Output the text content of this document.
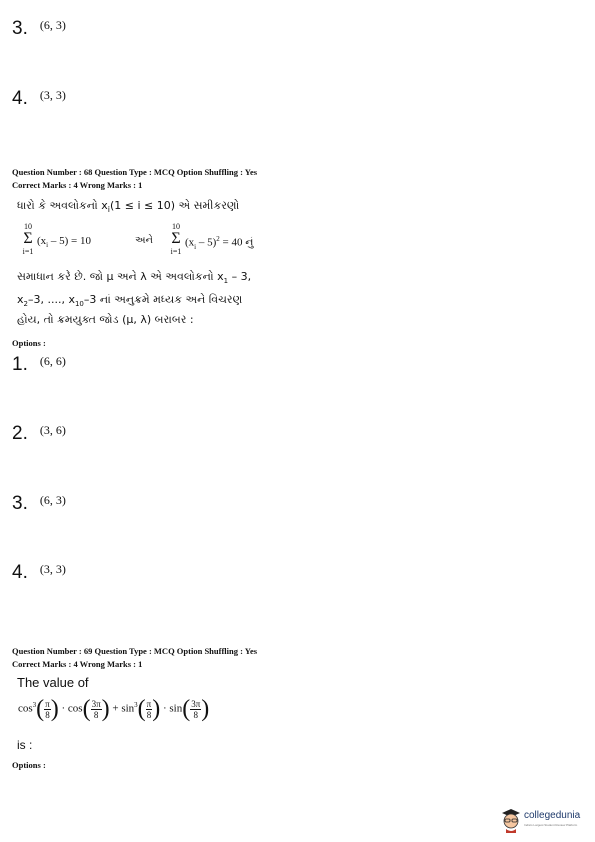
3. $^{(6, 3)}$
4. $^{(3, 3)}$
Question Number : 68 Question Type : MCQ Option Shuffling : Yes
Correct Marks : 4 Wrong Marks : 1
ધારો કે અવલોકનો $x_i(1 \le i \le 10)$ એ સમીકરણો
10
Σ
i=1
$(x_i - 5) = 10$	અને
10
Σ
i=1
$(x_i - 5)^2 = 40$ નું
સમાધાન કરે છે. જો μ અને λ એ અવલોકનો $x_1 - 3$,
$x_2-3$, ...., $x_{10}-3$ નાં અનુક્રમે મધ્યક અને વિચરણ
હોય, તો ક્રમયુક્ત જોડ (μ, λ) બરાબર :
Options :
1. $^{(6, 6)}$
2. $^{(3, 6)}$
3. $^{(6, 3)}$
4. $^{(3, 3)}$
Question Number : 69 Question Type : MCQ Option Shuffling : Yes
Correct Marks : 4 Wrong Marks : 1
The value of
$\cos^3( \frac{\pi}{8}$ ) · $\cos( \frac{3\pi}{8}$ ) + $\sin^3( \frac{\pi}{8}$ ) · $\sin( \frac{3\pi}{8}$ )
is :
Options :
collegedunia
India's Largest Student Review Platform
